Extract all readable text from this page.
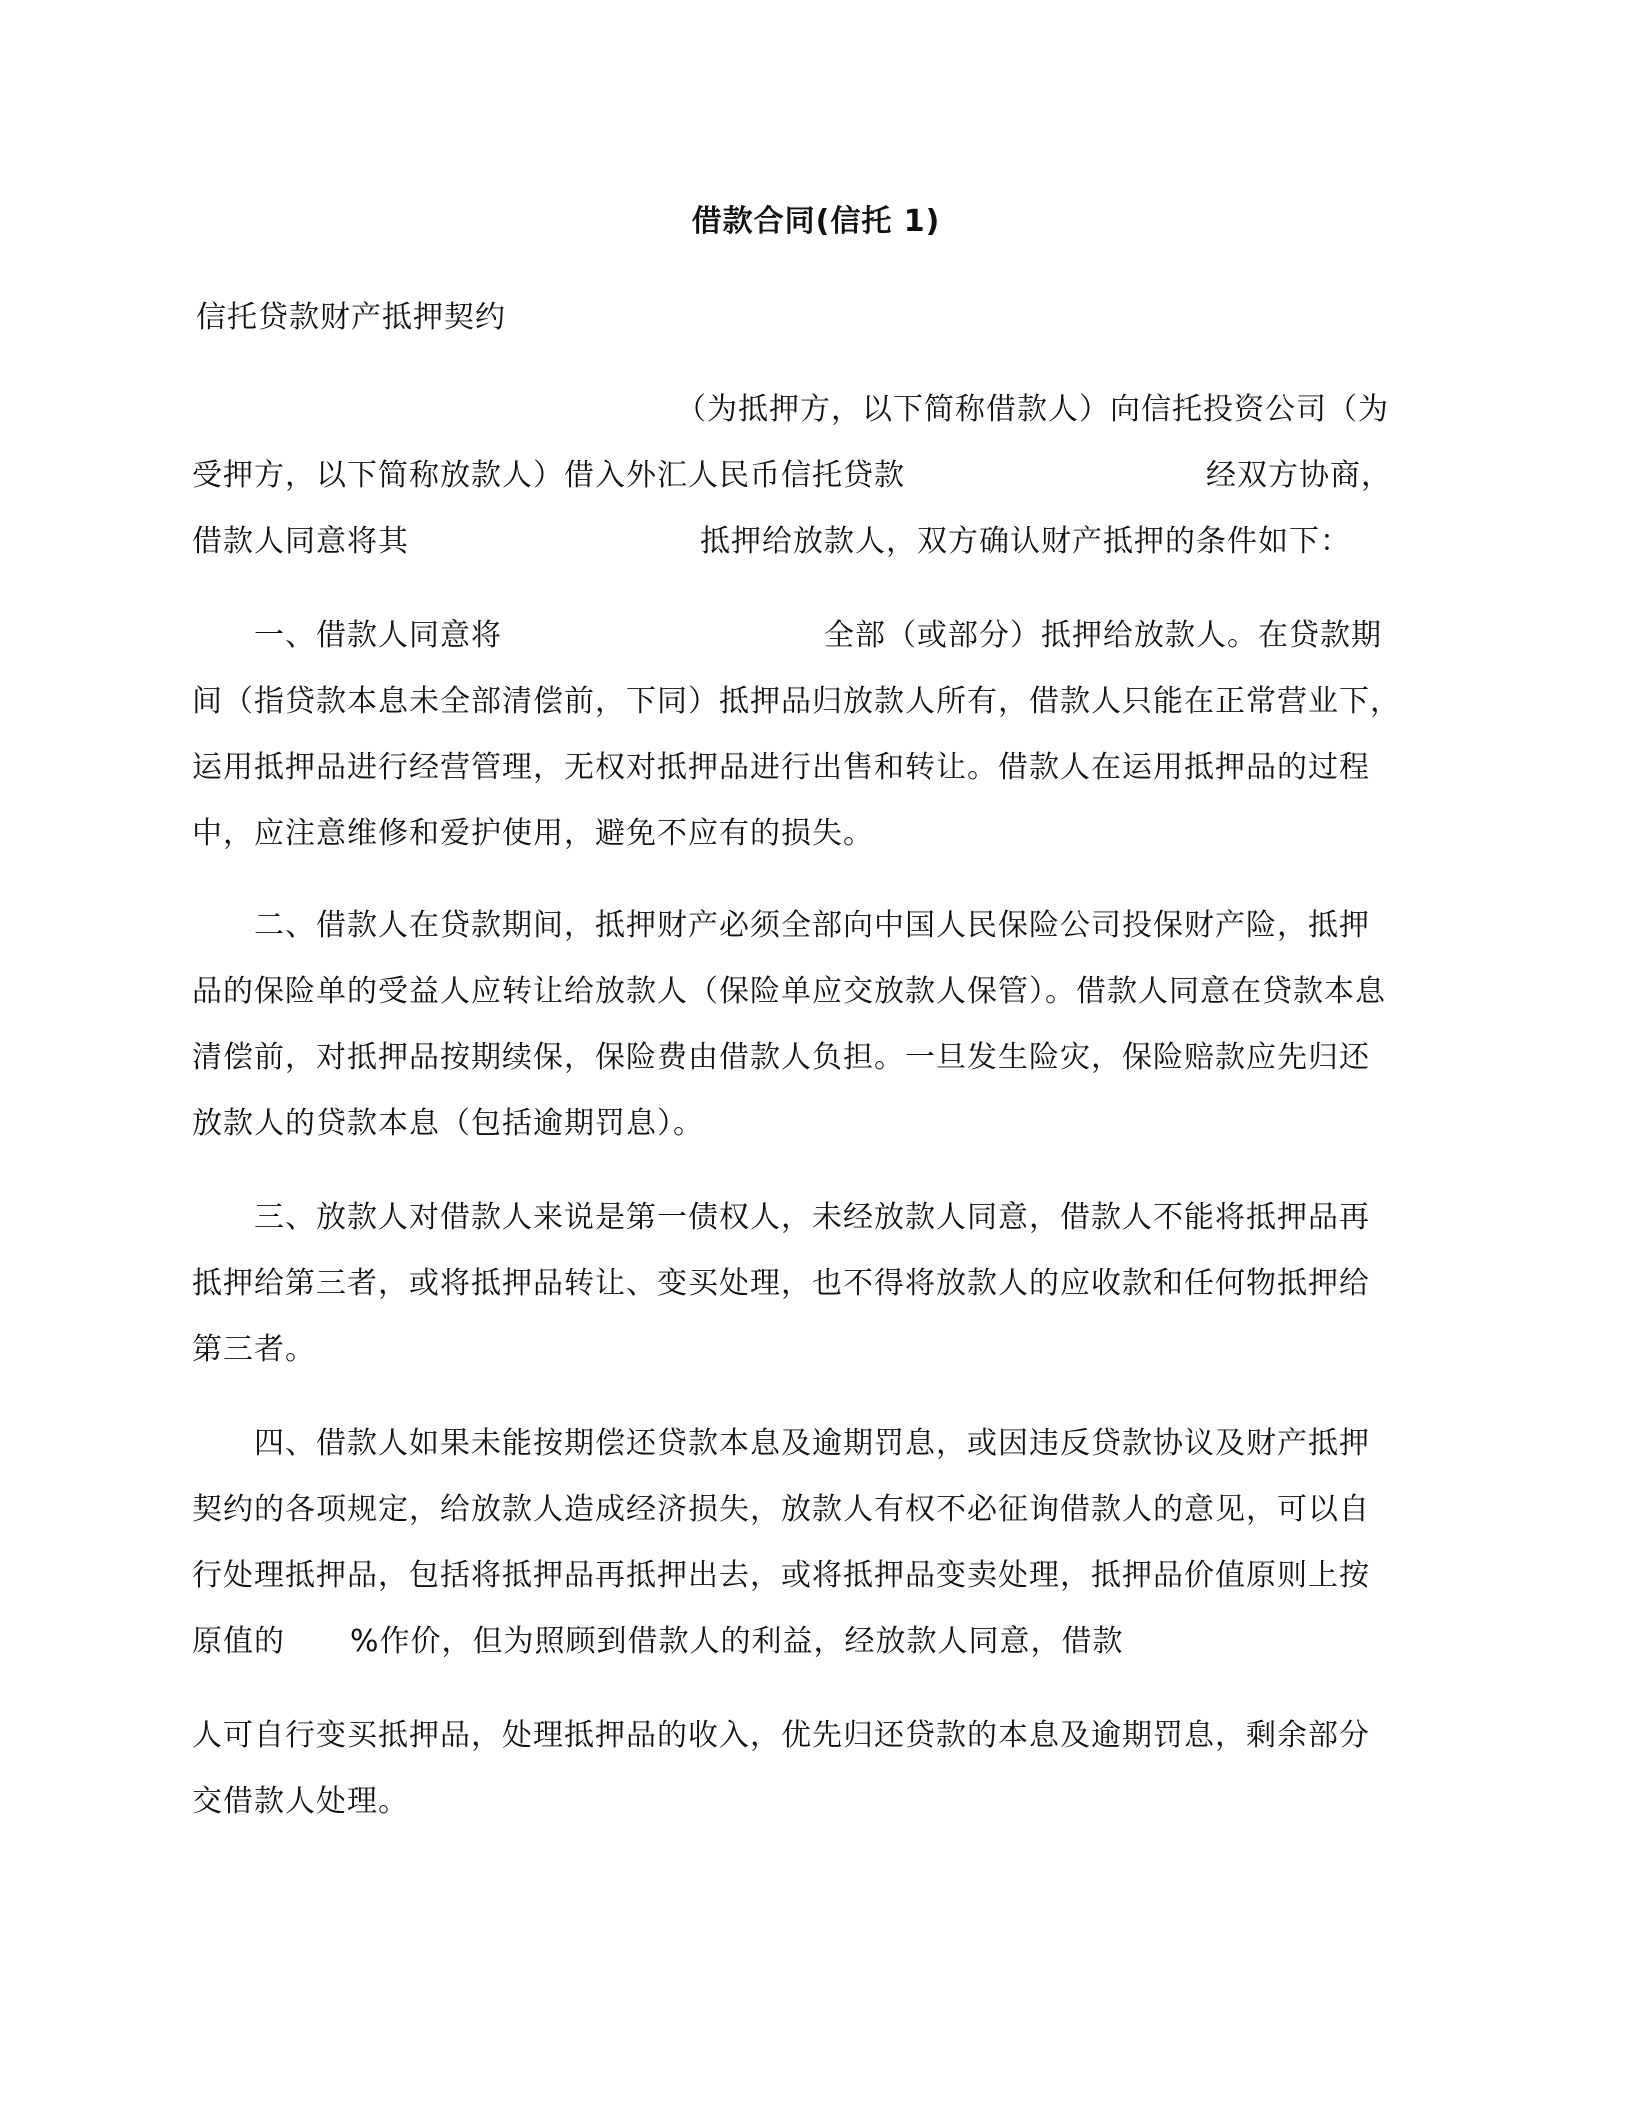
借款合同(信托 1)
信托贷款财产抵押契约
（为抵押方，以下简称借款人）向信托投资公司（为
受押方，以下简称放款人）借入外汇人民币信托贷款	经双方协商，
借款人同意将其	抵押给放款人，双方确认财产抵押的条件如下：
一、借款人同意将	全部（或部分）抵押给放款人。在贷款期
间（指贷款本息未全部清偿前，下同）抵押品归放款人所有，借款人只能在正常营业下，
运用抵押品进行经营管理，无权对抵押品进行出售和转让。借款人在运用抵押品的过程
中，应注意维修和爱护使用，避免不应有的损失。
二、借款人在贷款期间，抵押财产必须全部向中国人民保险公司投保财产险，抵押
品的保险单的受益人应转让给放款人（保险单应交放款人保管）。借款人同意在贷款本息
清偿前，对抵押品按期续保，保险费由借款人负担。一旦发生险灾，保险赔款应先归还
放款人的贷款本息（包括逾期罚息）。
三、放款人对借款人来说是第一债权人，未经放款人同意，借款人不能将抵押品再
抵押给第三者，或将抵押品转让、变买处理，也不得将放款人的应收款和任何物抵押给
第三者。
四、借款人如果未能按期偿还贷款本息及逾期罚息，或因违反贷款协议及财产抵押
契约的各项规定，给放款人造成经济损失，放款人有权不必征询借款人的意见，可以自
行处理抵押品，包括将抵押品再抵押出去，或将抵押品变卖处理，抵押品价值原则上按
原值的 %作价，但为照顾到借款人的利益，经放款人同意，借款
人可自行变买抵押品，处理抵押品的收入，优先归还贷款的本息及逾期罚息，剩余部分
交借款人处理。
